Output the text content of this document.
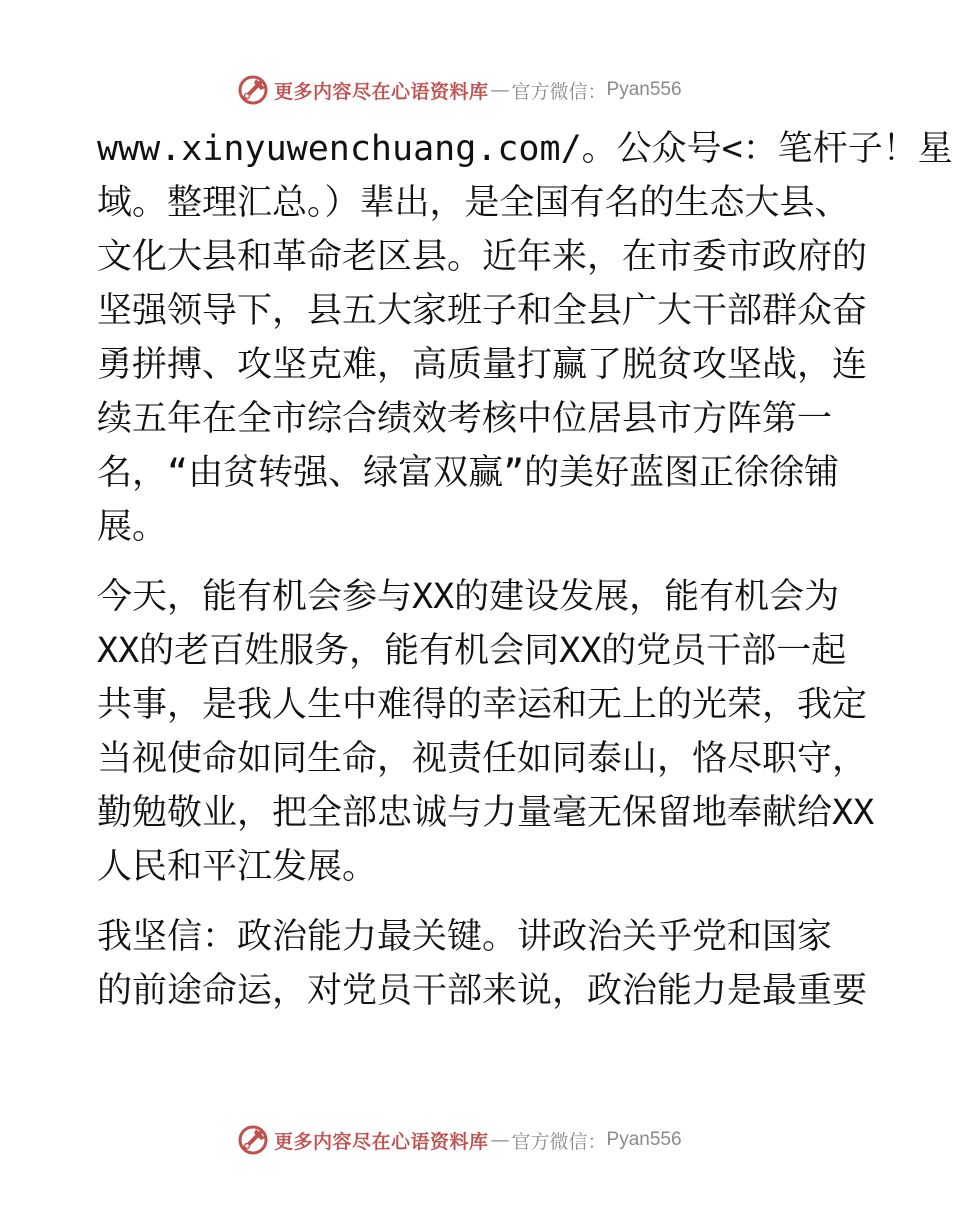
更多内容尽在心语资料库 — 官方微信： Pyan556
www.xinyuwenchuang.com/。公众号<：笔杆子！星
域。整理汇总。）辈出，是全国有名的生态大县、
文化大县和革命老区县。近年来，在市委市政府的
坚强领导下，县五大家班子和全县广大干部群众奋
勇拼搏、攻坚克难，高质量打赢了脱贫攻坚战，连
续五年在全市综合绩效考核中位居县市方阵第一
名，“由贫转强、绿富双赢”的美好蓝图正徐徐铺
展。
今天，能有机会参与XX的建设发展，能有机会为
XX的老百姓服务，能有机会同XX的党员干部一起
共事，是我人生中难得的幸运和无上的光荣，我定
当视使命如同生命，视责任如同泰山，恪尽职守，
勤勉敬业，把全部忠诚与力量毫无保留地奉献给XX
人民和平江发展。
我坚信：政治能力最关键。讲政治关乎党和国家
的前途命运，对党员干部来说，政治能力是最重要
更多内容尽在心语资料库 — 官方微信： Pyan556
